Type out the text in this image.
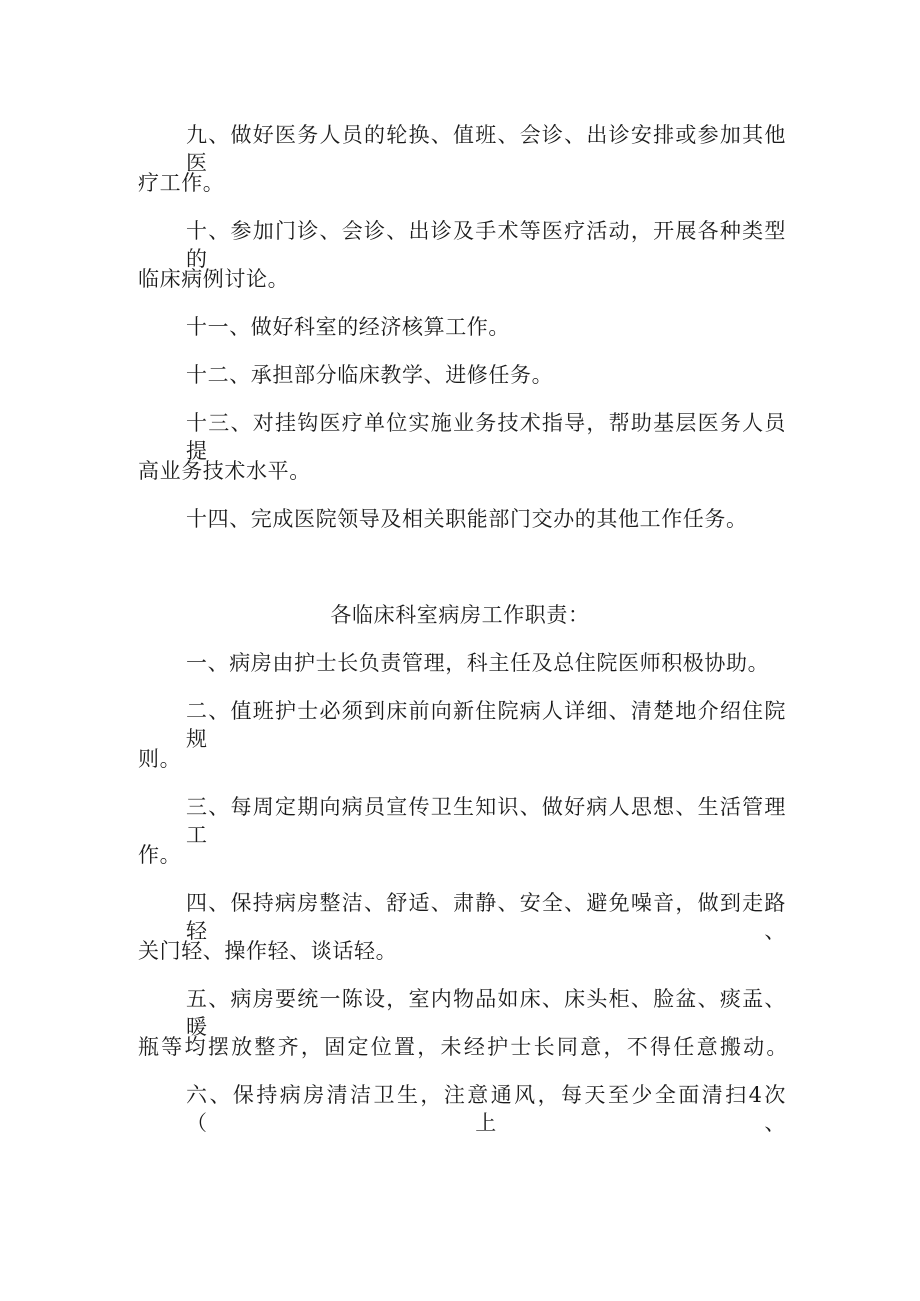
九、做好医务人员的轮换、值班、会诊、出诊安排或参加其他医
疗工作。
十、参加门诊、会诊、出诊及手术等医疗活动，开展各种类型的
临床病例讨论。
十一、做好科室的经济核算工作。
十二、承担部分临床教学、进修任务。
十三、对挂钩医疗单位实施业务技术指导，帮助基层医务人员提
高业务技术水平。
十四、完成医院领导及相关职能部门交办的其他工作任务。
各临床科室病房工作职责：
一、病房由护士长负责管理，科主任及总住院医师积极协助。
二、值班护士必须到床前向新住院病人详细、清楚地介绍住院规
则。
三、每周定期向病员宣传卫生知识、做好病人思想、生活管理工
作。
四、保持病房整洁、舒适、肃静、安全、避免噪音，做到走路轻、
关门轻、操作轻、谈话轻。
五、病房要统一陈设，室内物品如床、床头柜、脸盆、痰盂、暖
瓶等均摆放整齐，固定位置，未经护士长同意，不得任意搬动。
六、保持病房清洁卫生，注意通风，每天至少全面清扫4次（上、
